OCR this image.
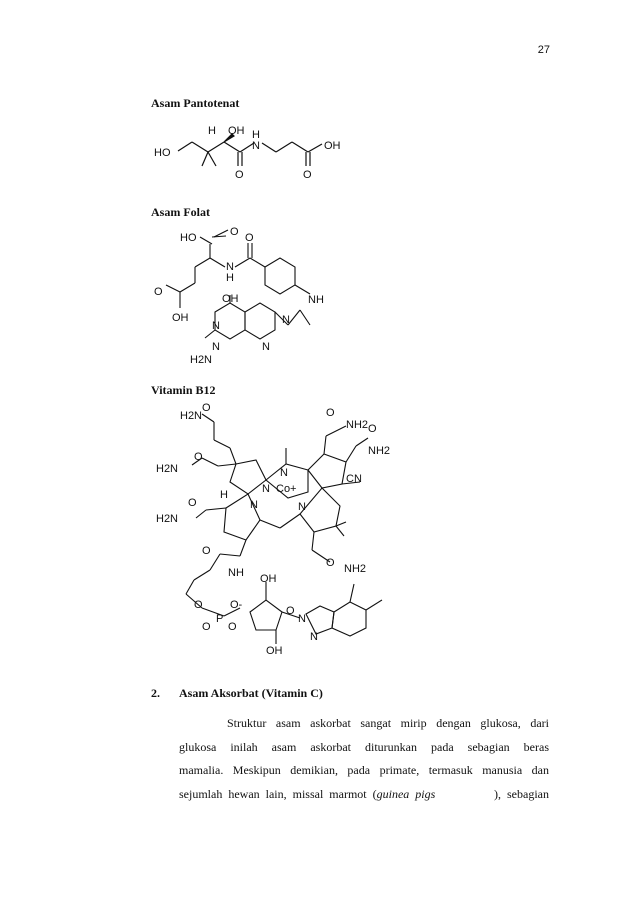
27
Asam Pantotenat
HO
H OH H
N
O
OH
O
Asam Folat
HO	O
N
H
O
O
OH
NH
OH
N
N
H2N
N
N
Vitamin B12
H2N
O	O
NH2 O
NH2
O
H2N	N
N Co+
CN
H
N	N
O
H2N
O
O NH2
NH OH
O O-
P
O O
O
N
N
OH
2. Asam Aksorbat (Vitamin C)
Struktur asam askorbat sangat mirip dengan glukosa, dari
glukosa inilah asam askorbat diturunkan pada sebagian beras
mamalia. Meskipun demikian, pada primate, termasuk manusia dan
sejumlah  hewan  lain,  missal  marmot  ( guinea  pigs	),  sebagian
